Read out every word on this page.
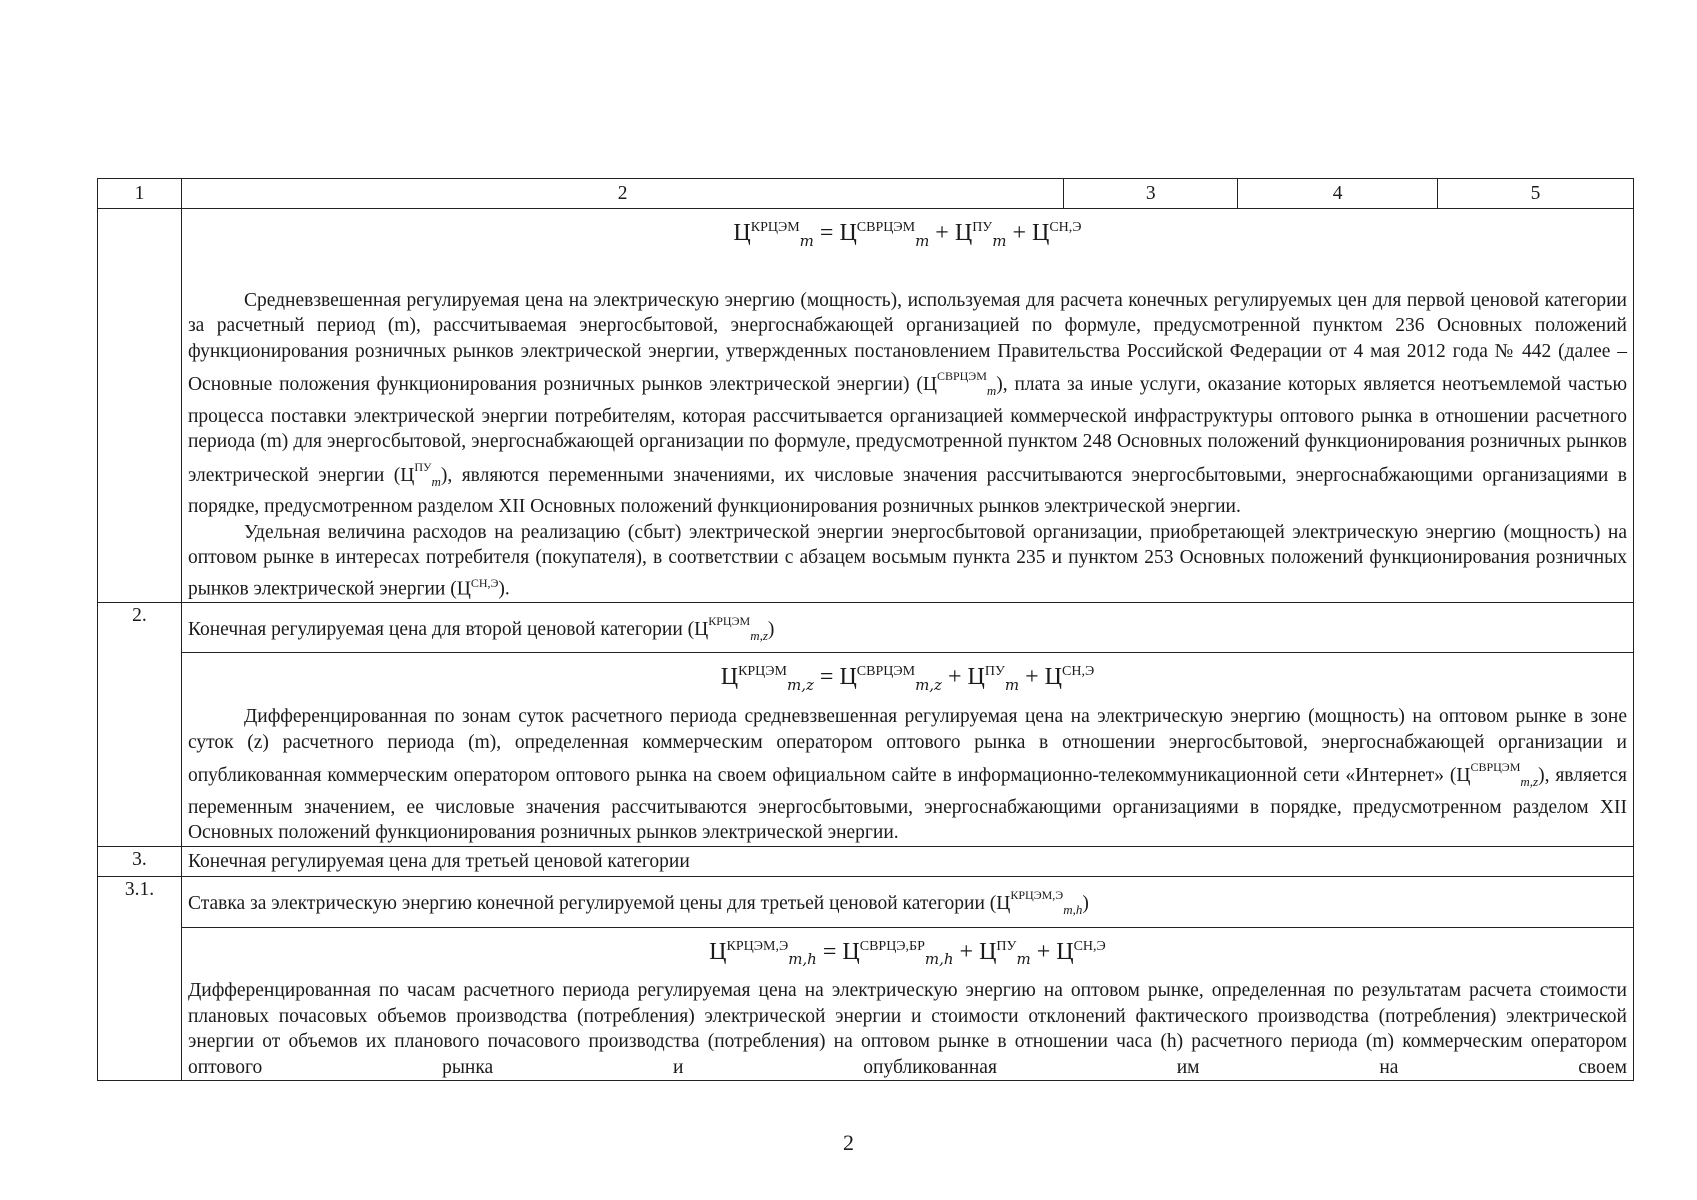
1	2	3	4	5

	$Ц^{КРЦЭМ}_m = Ц^{СВРЦЭМ}_m + Ц^{ПУ}_m + Ц^{СН,Э}$

Средневзвешенная регулируемая цена на электрическую энергию (мощность), используемая для расчета конечных регулируемых цен для первой ценовой категории за расчетный период (m), рассчитываемая энергосбытовой, энергоснабжающей организацией по формуле, предусмотренной пунктом 236 Основных положений функционирования розничных рынков электрической энергии, утвержденных постановлением Правительства Российской Федерации от 4 мая 2012 года № 442 (далее – Основные положения функционирования розничных рынков электрической энергии) $(Ц^{СВРЦЭМ}_m)$, плата за иные услуги, оказание которых является неотъемлемой частью процесса поставки электрической энергии потребителям, которая рассчитывается организацией коммерческой инфраструктуры оптового рынка в отношении расчетного периода (m) для энергосбытовой, энергоснабжающей организации по формуле, предусмотренной пунктом 248 Основных положений функционирования розничных рынков электрической энергии $(Ц^{ПУ}_m)$, являются переменными значениями, их числовые значения рассчитываются энергосбытовыми, энергоснабжающими организациями в порядке, предусмотренном разделом XII Основных положений функционирования розничных рынков электрической энергии.

Удельная величина расходов на реализацию (сбыт) электрической энергии энергосбытовой организации, приобретающей электрическую энергию (мощность) на оптовом рынке в интересах потребителя (покупателя), в соответствии с абзацем восьмым пункта 235 и пунктом 253 Основных положений функционирования розничных рынков электрической энергии $(Ц^{СН,Э})$.			

2.	Конечная регулируемая цена для второй ценовой категории $(Ц^{КРЦЭМ}_{m,z})$			

	$Ц^{КРЦЭМ}_{m,z} = Ц^{СВРЦЭМ}_{m,z} + Ц^{ПУ}_m + Ц^{СН,Э}$

Дифференцированная по зонам суток расчетного периода средневзвешенная регулируемая цена на электрическую энергию (мощность) на оптовом рынке в зоне суток (z) расчетного периода (m), определенная коммерческим оператором оптового рынка в отношении энергосбытовой, энергоснабжающей организации и опубликованная коммерческим оператором оптового рынка на своем официальном сайте в информационно-телекоммуникационной сети «Интернет» $(Ц^{СВРЦЭМ}_{m,z})$, является переменным значением, ее числовые значения рассчитываются энергосбытовыми, энергоснабжающими организациями в порядке, предусмотренном разделом XII Основных положений функционирования розничных рынков электрической энергии.			

3.	Конечная регулируемая цена для третьей ценовой категории			
3.1.	Ставка за электрическую энергию конечной регулируемой цены для третьей ценовой категории $(Ц^{КРЦЭМ,Э}_{m,h})$			

	$Ц^{КРЦЭМ,Э}_{m,h} = Ц^{СВРЦЭ,БР}_{m,h} + Ц^{ПУ}_m + Ц^{СН,Э}$

Дифференцированная по часам расчетного периода регулируемая цена на электрическую энергию на оптовом рынке, определенная по результатам расчета стоимости плановых почасовых объемов производства (потребления) электрической энергии и стоимости отклонений фактического производства (потребления) электрической энергии от объемов их планового почасового производства (потребления) на оптовом рынке в отношении часа (h) расчетного периода (m) коммерческим оператором оптового рынка и опубликованная им на своем			

2
